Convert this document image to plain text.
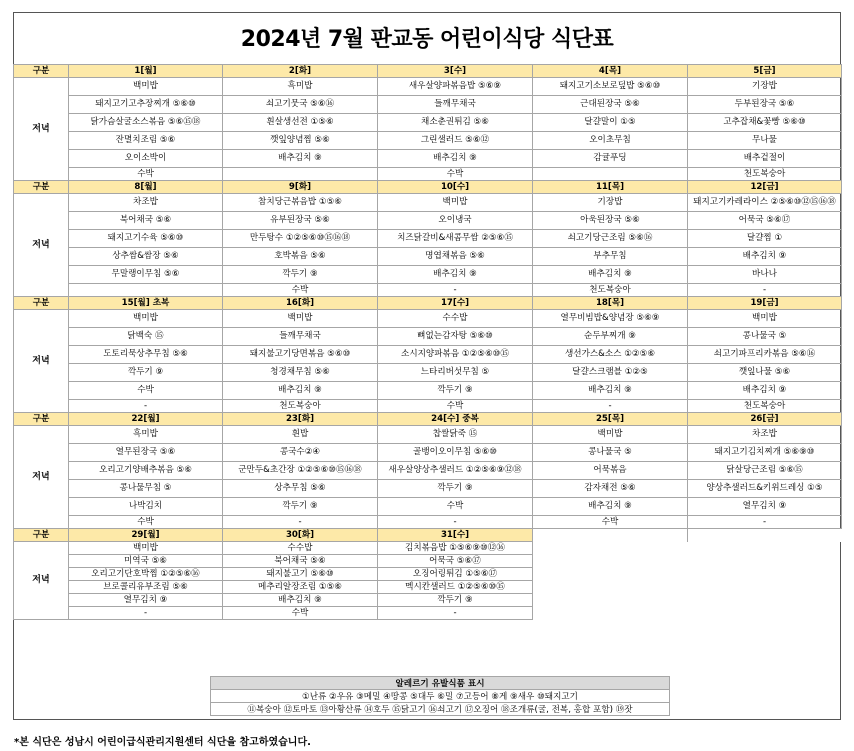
2024년 7월 판교동 어린이식당 식단표
구분	1[월]	2[화]	3[수]	4[목]	5[금]
저녁	백미밥	흑미밥	새우살양파볶음밥 ⑤⑥⑨	돼지고기소보로덮밥 ⑤⑥⑩	기장밥
	돼지고기고추장찌개 ⑤⑥⑩	쇠고기뭇국 ⑤⑥⑯	들깨무채국	근대된장국 ⑤⑥	두부된장국 ⑤⑥
	닭가슴살굴소스볶음 ⑤⑥⑮⑱	흰살생선전 ①⑤⑥	채소춘권튀김 ⑤⑥	달걀말이 ①⑤	고추잡채&꽃빵 ⑤⑥⑩
	잔멸치조림 ⑤⑥	깻잎양념찜 ⑤⑥	그린샐러드 ⑤⑥⑫	오이초무침	무나물
	오이소박이	배추김치 ⑨	배추김치 ⑨	감귤푸딩	배추겉절이
	수박		수박		천도복숭아
구분	8[월]	9[화]	10[수]	11[목]	12[금]
저녁	차조밥	참치당근볶음밥 ①⑤⑥	백미밥	기장밥	돼지고기카레라이스 ②⑤⑥⑩⑫⑮⑯⑱
	북어채국 ⑤⑥	유부된장국 ⑤⑥	오이냉국	아욱된장국 ⑤⑥	어묵국 ⑤⑥⑰
	돼지고기수육 ⑤⑥⑩	만두탕수 ①②⑤⑥⑩⑮⑯⑱	치즈닭갈비&새콤무쌈 ②⑤⑥⑮	쇠고기당근조림 ⑤⑥⑯	달걀찜 ①
	상추쌈&쌈장 ⑤⑥	호박볶음 ⑤⑥	명엽채볶음 ⑤⑥	부추무침	배추김치 ⑨
	무말랭이무침 ⑤⑥	깍두기 ⑨	배추김치 ⑨	배추김치 ⑨	바나나
		수박	-	천도복숭아	-
구분	15[월] 초복	16[화]	17[수]	18[목]	19[금]
저녁	백미밥	백미밥	수수밥	열무비빔밥&양념장 ⑤⑥⑨	백미밥
	닭백숙 ⑮	들깨무채국	뼈없는감자탕 ⑤⑥⑩	순두부찌개 ⑨	콩나물국 ⑤
	도토리묵상추무침 ⑤⑥	돼지불고기당면볶음 ⑤⑥⑩	소시지양파볶음 ①②⑤⑥⑩⑮	생선가스&소스 ①②⑤⑥	쇠고기파프리카볶음 ⑤⑥⑯
	깍두기 ⑨	청경채무침 ⑤⑥	느타리버섯무침 ⑤	달걀스크램블 ①②⑤	깻잎나물 ⑤⑥
	수박	배추김치 ⑨	깍두기 ⑨	배추김치 ⑨	배추김치 ⑨
	-	천도복숭아	수박	-	천도복숭아
구분	22[월]	23[화]	24[수] 중복	25[목]	26[금]
저녁	흑미밥	흰밥	찹쌀닭죽 ⑮	백미밥	차조밥
	열무된장국 ⑤⑥	콩국수②④	골뱅이오이무침 ⑤⑥⑩	콩나물국 ⑤	돼지고기김치찌개 ⑤⑥⑨⑩
	오리고기양배추볶음 ⑤⑥	군만두&초간장 ①②⑤⑥⑩⑮⑯⑱	새우살양상추샐러드 ①②⑤⑥⑨⑫⑱	어묵볶음	닭살당근조림 ⑤⑥⑮
	콩나물무침 ⑤	상추무침 ⑤⑥	깍두기 ⑨	감자채전 ⑤⑥	양상추샐러드&키위드레싱 ①⑤
	나박김치	깍두기 ⑨	수박	배추김치 ⑨	열무김치 ⑨
	수박	-	-	수박	-
구분	29[월]	30[화]	31[수]		
저녁	백미밥	수수밥	김치볶음밥 ①⑤⑥⑨⑩⑫⑯		
	미역국 ⑤⑥	북어채국 ⑤⑥	어묵국 ⑤⑥⑰		
	오리고기단호박찜 ①②⑤⑥⑯	돼지불고기 ⑤⑥⑩	오징어링튀김 ①⑤⑥⑰		
	브로콜리유부조림 ⑤⑥	메추리알장조림 ①⑤⑥	멕시칸샐러드 ①②⑤⑥⑩⑮		
	열무김치 ⑨	배추김치 ⑨	깍두기 ⑨		
	-	수박	-		
알레르기 유발식품 표시
①난류 ②우유 ③메밀 ④땅콩 ⑤대두 ⑥밀 ⑦고등어 ⑧게 ⑨새우 ⑩돼지고기
⑪복숭아 ⑫토마토 ⑬아황산류 ⑭호두 ⑮닭고기 ⑯쇠고기 ⑰오징어 ⑱조개류(굴, 전복, 홍합 포함) ⑲잣
*본 식단은 성남시 어린이급식관리지원센터 식단을 참고하였습니다.
